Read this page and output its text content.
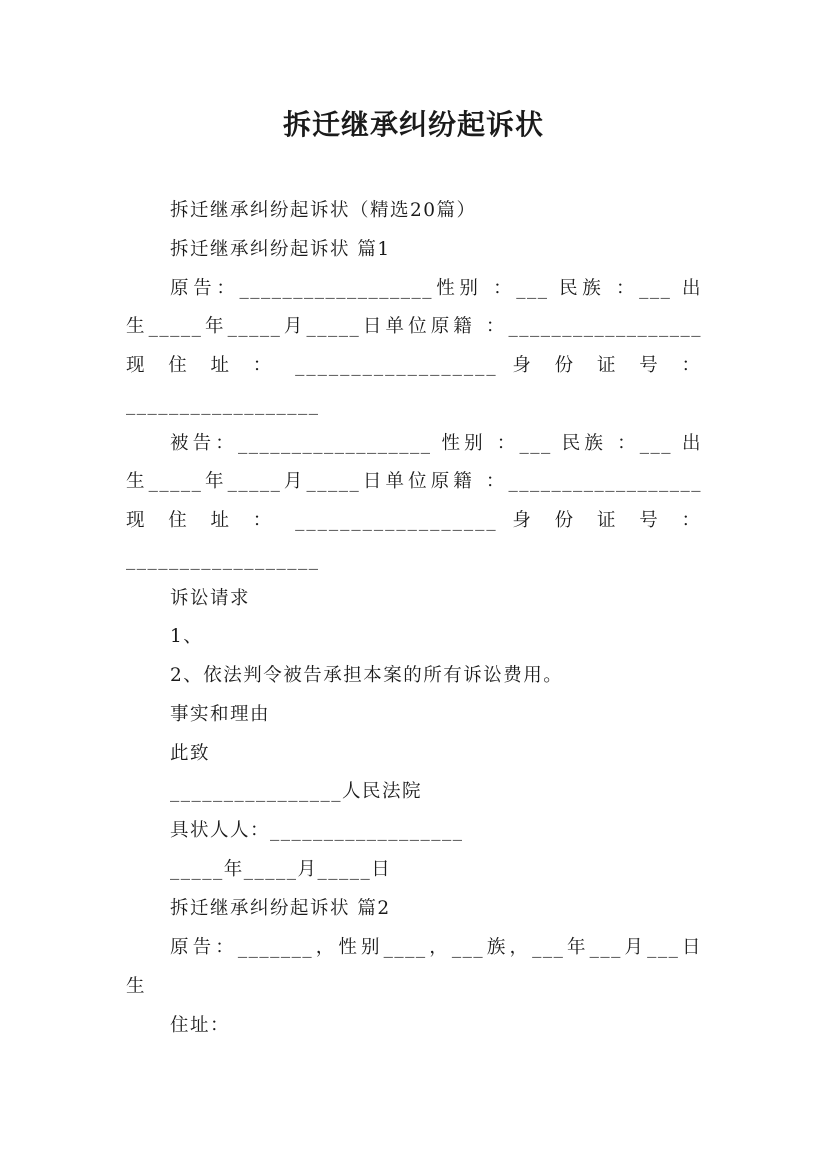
拆迁继承纠纷起诉状
拆迁继承纠纷起诉状（精选20篇）
拆迁继承纠纷起诉状 篇1
原告：__________________性别 ：___ 民族 ：___ 出
生_____年_____月_____日单位原籍 ：__________________
现 住 址 ： __________________ 身 份 证 号 ：
__________________
被告：__________________ 性别 ：___ 民族 ：___ 出
生_____年_____月_____日单位原籍 ：__________________
现 住 址 ： __________________ 身 份 证 号 ：
__________________
诉讼请求
1、
2、依法判令被告承担本案的所有诉讼费用。
事实和理由
此致
________________人民法院
具状人人：__________________
_____年_____月_____日
拆迁继承纠纷起诉状 篇2
原告：_______，性别____，___族，___年___月___日
生
住址：
